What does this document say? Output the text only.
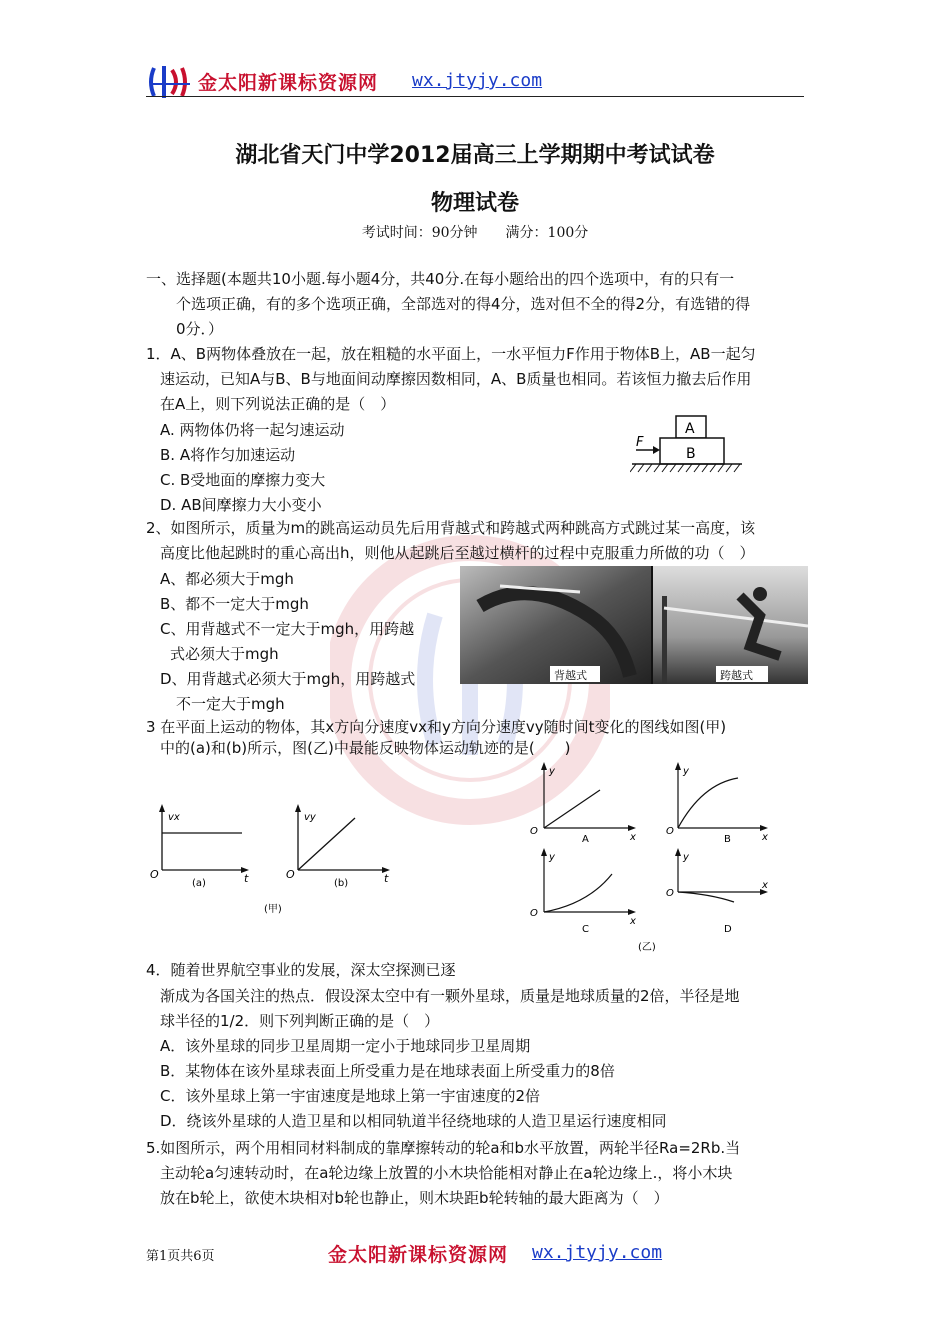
金太阳新课标资源网 wx.jtyjy.com
湖北省天门中学2012届高三上学期期中考试试卷
物理试卷
考试时间：90分钟　　满分：100分
一、选择题(本题共10小题.每小题4分，共40分.在每小题给出的四个选项中，有的只有一
个选项正确，有的多个选项正确，全部选对的得4分，选对但不全的得2分，有选错的得
0分．）
1．A、B两物体叠放在一起，放在粗糙的水平面上，一水平恒力F作用于物体B上，AB一起匀
速运动，已知A与B、B与地面间动摩擦因数相同，A、B质量也相同。若该恒力撤去后作用
在A上，则下列说法正确的是（　）
A. 两物体仍将一起匀速运动
B. A将作匀加速运动
C. B受地面的摩擦力变大
D. AB间摩擦力大小变小
F
A
B
2、如图所示，质量为m的跳高运动员先后用背越式和跨越式两种跳高方式跳过某一高度，该
高度比他起跳时的重心高出h，则他从起跳后至越过横杆的过程中克服重力所做的功（　）
A、都必须大于mgh
B、都不一定大于mgh
C、用背越式不一定大于mgh，用跨越
式必须大于mgh
D、用背越式必须大于mgh，用跨越式
不一定大于mgh
背越式	跨越式
3 在平面上运动的物体，其x方向分速度vx和y方向分速度vy随时间t变化的图线如图(甲)
中的(a)和(b)所示，图(乙)中最能反映物体运动轨迹的是(　　)
vx
O	t
(a)
vy
O	t
(b)
(甲)
y
O
x
A
y
O
x
B
y
O
x
C
y
O
x
D
(乙)
4．随着世界航空事业的发展，深太空探测已逐
渐成为各国关注的热点．假设深太空中有一颗外星球，质量是地球质量的2倍，半径是地
球半径的1/2．则下列判断正确的是（　）
A．该外星球的同步卫星周期一定小于地球同步卫星周期
B．某物体在该外星球表面上所受重力是在地球表面上所受重力的8倍
C．该外星球上第一宇宙速度是地球上第一宇宙速度的2倍
D．绕该外星球的人造卫星和以相同轨道半径绕地球的人造卫星运行速度相同
5.如图所示，两个用相同材料制成的靠摩擦转动的轮a和b水平放置，两轮半径Ra=2Rb.当
主动轮a匀速转动时，在a轮边缘上放置的小木块恰能相对静止在a轮边缘上.，将小木块
放在b轮上，欲使木块相对b轮也静止，则木块距b轮转轴的最大距离为（　）
第1页共6页	金太阳新课标资源网 wx.jtyjy.com
